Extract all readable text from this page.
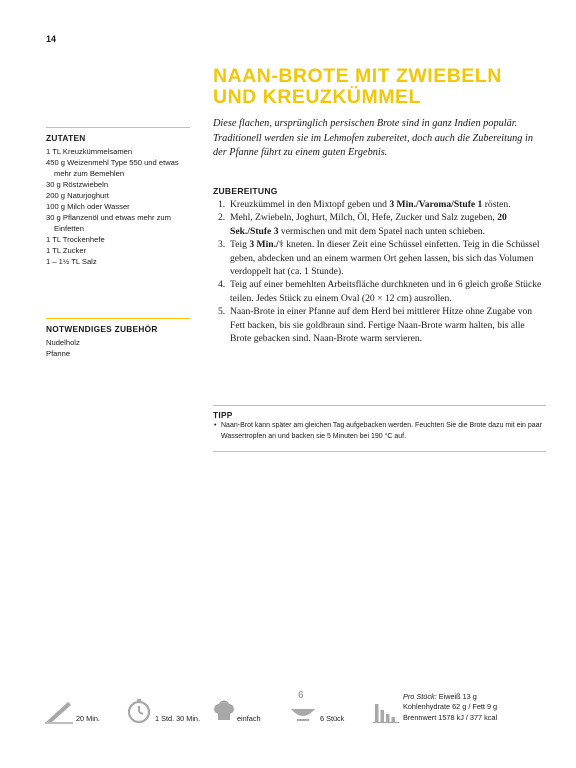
14
NAAN-BROTE MIT ZWIEBELN
UND KREUZKÜMMEL

Diese flachen, ursprünglich persischen Brote sind in ganz Indien populär. Traditionell werden sie im Lehmofen zubereitet, doch auch die Zubereitung in der Pfanne führt zu einem guten Ergebnis.

ZUTATEN
1 TL Kreuzkümmelsamen
450 g Weizenmehl Type 550 und etwas mehr zum Bemehlen
30 g Röstzwiebeln
200 g Naturjoghurt
100 g Milch oder Wasser
30 g Pflanzenöl und etwas mehr zum Einfetten
1 TL Trockenhefe
1 TL Zucker
1 – 1½ TL Salz
NOTWENDIGES ZUBEHÖR
Nudelholz
Pfanne
ZUBEREITUNG
1. Kreuzkümmel in den Mixtopf geben und 3 Min./Varoma/Stufe 1 rösten.
2. Mehl, Zwiebeln, Joghurt, Milch, Öl, Hefe, Zucker und Salz zugeben, 20 Sek./Stufe 3 vermischen und mit dem Spatel nach unten schieben.
3. Teig 3 Min./⚕ kneten. In dieser Zeit eine Schüssel einfetten. Teig in die Schüssel geben, abdecken und an einem warmen Ort gehen lassen, bis sich das Volumen verdoppelt hat (ca. 1 Stunde).
4. Teig auf einer bemehlten Arbeitsfläche durchkneten und in 6 gleich große Stücke teilen. Jedes Stück zu einem Oval (20 × 12 cm) ausrollen.
5. Naan-Brote in einer Pfanne auf dem Herd bei mittlerer Hitze ohne Zugabe von Fett backen, bis sie goldbraun sind. Fertige Naan-Brote warm halten, bis alle Brote gebacken sind. Naan-Brote warm servieren.
TIPP
• Naan-Brot kann später am gleichen Tag aufgebacken werden. Feuchten Sie die Brote dazu mit ein paar Wassertropfen an und backen sie 5 Minuten bei 190 °C auf.
20 Min.	1 Std. 30 Min.	einfach
6
6 Stück
Pro Stück: Eiweiß 13 g
Kohlenhydrate 62 g / Fett 9 g
Brennwert 1578 kJ / 377 kcal
